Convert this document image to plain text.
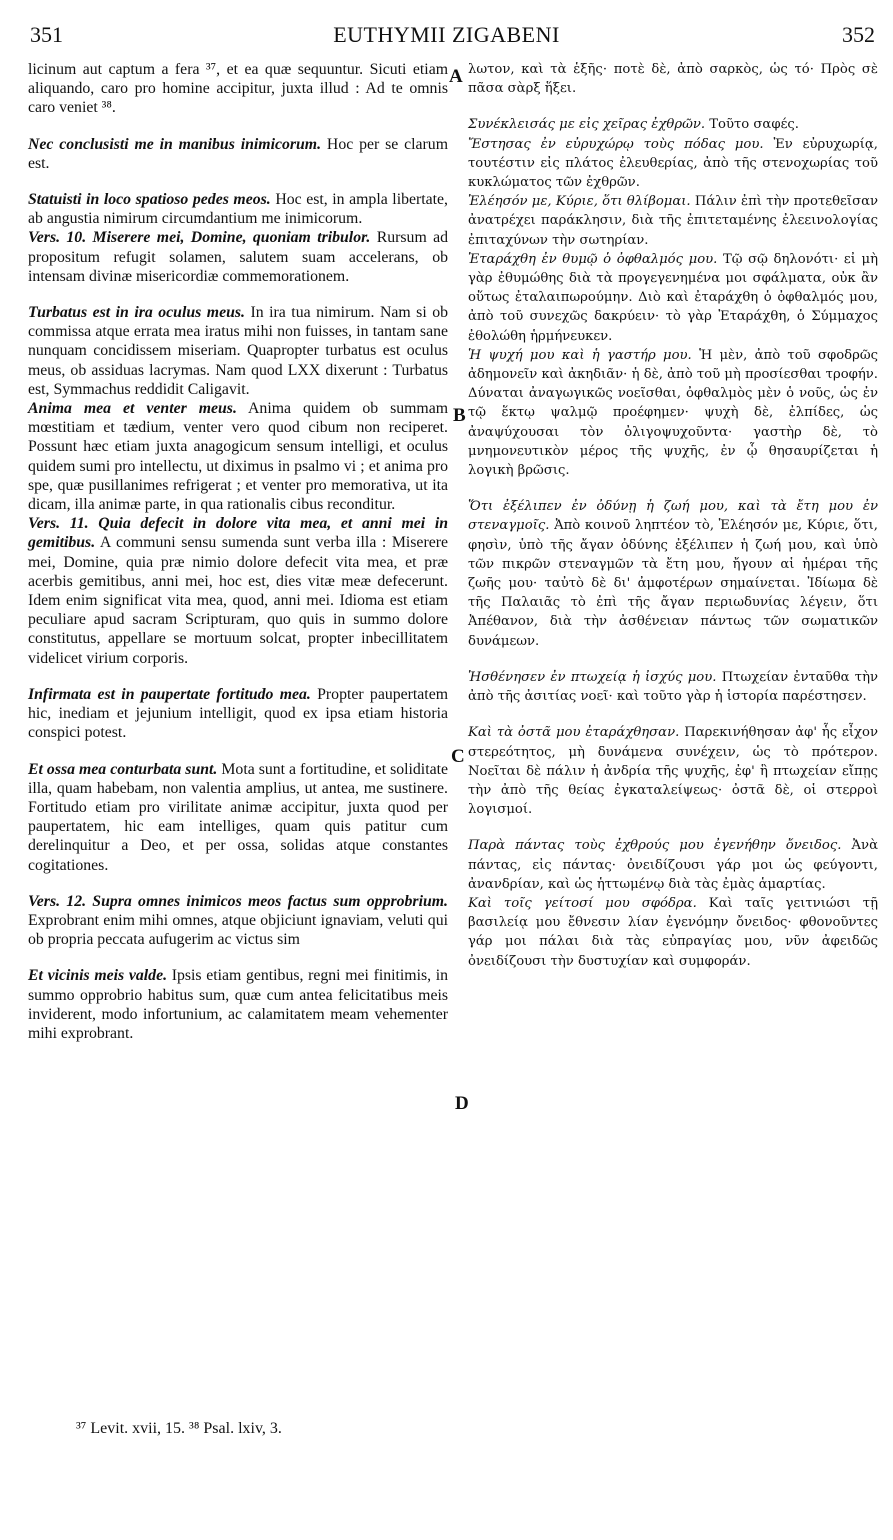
351	EUTHYMII ZIGABENI	352
A
B
C
D

licinum aut captum a fera ³⁷, et ea quæ sequuntur. Sicuti etiam aliquando, caro pro homine accipitur, juxta illud : Ad te omnis caro veniet ³⁸.

Nec conclusisti me in manibus inimicorum. Hoc per se clarum est.

Statuisti in loco spatioso pedes meos. Hoc est, in ampla libertate, ab angustia nimirum circumdantium me inimicorum.

Vers. 10. Miserere mei, Domine, quoniam tribulor. Rursum ad propositum refugit solamen, salutem suam accelerans, ob intensam divinæ misericordiæ commemorationem.

Turbatus est in ira oculus meus. In ira tua nimirum. Nam si ob commissa atque errata mea iratus mihi non fuisses, in tantam sane nunquam concidissem miseriam. Quapropter turbatus est oculus meus, ob assiduas lacrymas. Nam quod LXX dixerunt : Turbatus est, Symmachus reddidit Caligavit.

Anima mea et venter meus. Anima quidem ob summam mœstitiam et tædium, venter vero quod cibum non reciperet. Possunt hæc etiam juxta anagogicum sensum intelligi, et oculus quidem sumi pro intellectu, ut diximus in psalmo vi ; et anima pro spe, quæ pusillanimes refrigerat ; et venter pro memorativa, ut ita dicam, illa animæ parte, in qua rationalis cibus reconditur.

Vers. 11. Quia defecit in dolore vita mea, et anni mei in gemitibus. A communi sensu sumenda sunt verba illa : Miserere mei, Domine, quia præ nimio dolore defecit vita mea, et præ acerbis gemitibus, anni mei, hoc est, dies vitæ meæ defecerunt. Idem enim significat vita mea, quod, anni mei. Idioma est etiam peculiare apud sacram Scripturam, quo quis in summo dolore constitutus, appellare se mortuum solcat, propter inbecillitatem videlicet virium corporis.

Infirmata est in paupertate fortitudo mea. Propter paupertatem hic, inediam et jejunium intelligit, quod ex ipsa etiam historia conspici potest.

Et ossa mea conturbata sunt. Mota sunt a fortitudine, et soliditate illa, quam habebam, non valentia amplius, ut antea, me sustinere. Fortitudo etiam pro virilitate animæ accipitur, juxta quod per paupertatem, hic eam intelliges, quam quis patitur cum derelinquitur a Deo, et per ossa, solidas atque constantes cogitationes.

Vers. 12. Supra omnes inimicos meos factus sum opprobrium. Exprobrant enim mihi omnes, atque objiciunt ignaviam, veluti qui ob propria peccata aufugerim ac victus sim

Et vicinis meis valde. Ipsis etiam gentibus, regni mei finitimis, in summo opprobrio habitus sum, quæ cum antea felicitatibus meis inviderent, modo infortunium, ac calamitatem meam vehementer mihi exprobrant.

λωτον, καὶ τὰ ἑξῆς· ποτὲ δὲ, ἀπὸ σαρκὸς, ὡς τό· Πρὸς σὲ πᾶσα σὰρξ ἥξει.

Συνέκλεισάς με εἰς χεῖρας ἐχθρῶν. Τοῦτο σαφές.

Ἔστησας ἐν εὐρυχώρῳ τοὺς πόδας μου. Ἐν εὐρυχωρίᾳ, τουτέστιν εἰς πλάτος ἐλευθερίας, ἀπὸ τῆς στενοχωρίας τοῦ κυκλώματος τῶν ἐχθρῶν.

Ἐλέησόν με, Κύριε, ὅτι θλίβομαι. Πάλιν ἐπὶ τὴν προτεθεῖσαν ἀνατρέχει παράκλησιν, διὰ τῆς ἐπιτεταμένης ἐλεεινολογίας ἐπιταχύνων τὴν σωτηρίαν.

Ἐταράχθη ἐν θυμῷ ὁ ὀφθαλμός μου. Τῷ σῷ δηλονότι· εἰ μὴ γὰρ ἐθυμώθης διὰ τὰ προγεγενημένα μοι σφάλματα, οὐκ ἂν οὕτως ἐταλαιπωρούμην. Διὸ καὶ ἐταράχθη ὁ ὀφθαλμός μου, ἀπὸ τοῦ συνεχῶς δακρύειν· τὸ γὰρ Ἐταράχθη, ὁ Σύμμαχος ἐθολώθη ἡρμήνευκεν.

Ἡ ψυχή μου καὶ ἡ γαστήρ μου. Ἡ μὲν, ἀπὸ τοῦ σφοδρῶς ἀδημονεῖν καὶ ἀκηδιᾶν· ἡ δὲ, ἀπὸ τοῦ μὴ προσίεσθαι τροφήν. Δύναται ἀναγωγικῶς νοεῖσθαι, ὀφθαλμὸς μὲν ὁ νοῦς, ὡς ἐν τῷ ἕκτῳ ψαλμῷ προέφημεν· ψυχὴ δὲ, ἐλπίδες, ὡς ἀναψύχουσαι τὸν ὀλιγοψυχοῦντα· γαστὴρ δὲ, τὸ μνημονευτικὸν μέρος τῆς ψυχῆς, ἐν ᾧ θησαυρίζεται ἡ λογικὴ βρῶσις.

Ὅτι ἐξέλιπεν ἐν ὀδύνῃ ἡ ζωή μου, καὶ τὰ ἔτη μου ἐν στεναγμοῖς. Ἀπὸ κοινοῦ ληπτέον τὸ, Ἐλέησόν με, Κύριε, ὅτι, φησὶν, ὑπὸ τῆς ἄγαν ὀδύνης ἐξέλιπεν ἡ ζωή μου, καὶ ὑπὸ τῶν πικρῶν στεναγμῶν τὰ ἔτη μου, ἤγουν αἱ ἡμέραι τῆς ζωῆς μου· ταὐτὸ δὲ δι' ἀμφοτέρων σημαίνεται. Ἰδίωμα δὲ τῆς Παλαιᾶς τὸ ἐπὶ τῆς ἄγαν περιωδυνίας λέγειν, ὅτι Ἀπέθανον, διὰ τὴν ἀσθένειαν πάντως τῶν σωματικῶν δυνάμεων.

Ἠσθένησεν ἐν πτωχείᾳ ἡ ἰσχύς μου. Πτωχείαν ἐνταῦθα τὴν ἀπὸ τῆς ἀσιτίας νοεῖ· καὶ τοῦτο γὰρ ἡ ἱστορία παρέστησεν.

Καὶ τὰ ὀστᾶ μου ἐταράχθησαν. Παρεκινήθησαν ἀφ' ἧς εἶχον στερεότητος, μὴ δυνάμενα συνέχειν, ὡς τὸ πρότερον. Νοεῖται δὲ πάλιν ἡ ἀνδρία τῆς ψυχῆς, ἐφ' ἣ πτωχείαν εἴπῃς τὴν ἀπὸ τῆς θείας ἐγκαταλείψεως· ὀστᾶ δὲ, οἱ στερροὶ λογισμοί.

Παρὰ πάντας τοὺς ἐχθρούς μου ἐγενήθην ὄνειδος. Ἀνὰ πάντας, εἰς πάντας· ὀνειδίζουσι γάρ μοι ὡς φεύγοντι, ἀνανδρίαν, καὶ ὡς ἡττωμένῳ διὰ τὰς ἐμὰς ἁμαρτίας.

Καὶ τοῖς γείτοσί μου σφόδρα. Καὶ ταῖς γειτνιώσι τῇ βασιλείᾳ μου ἔθνεσιν λίαν ἐγενόμην ὄνειδος· φθονοῦντες γάρ μοι πάλαι διὰ τὰς εὐπραγίας μου, νῦν ἀφειδῶς ὀνειδίζουσι τὴν δυστυχίαν καὶ συμφοράν.

³⁷ Levit. xvii, 15. ³⁸ Psal. lxiv, 3.
